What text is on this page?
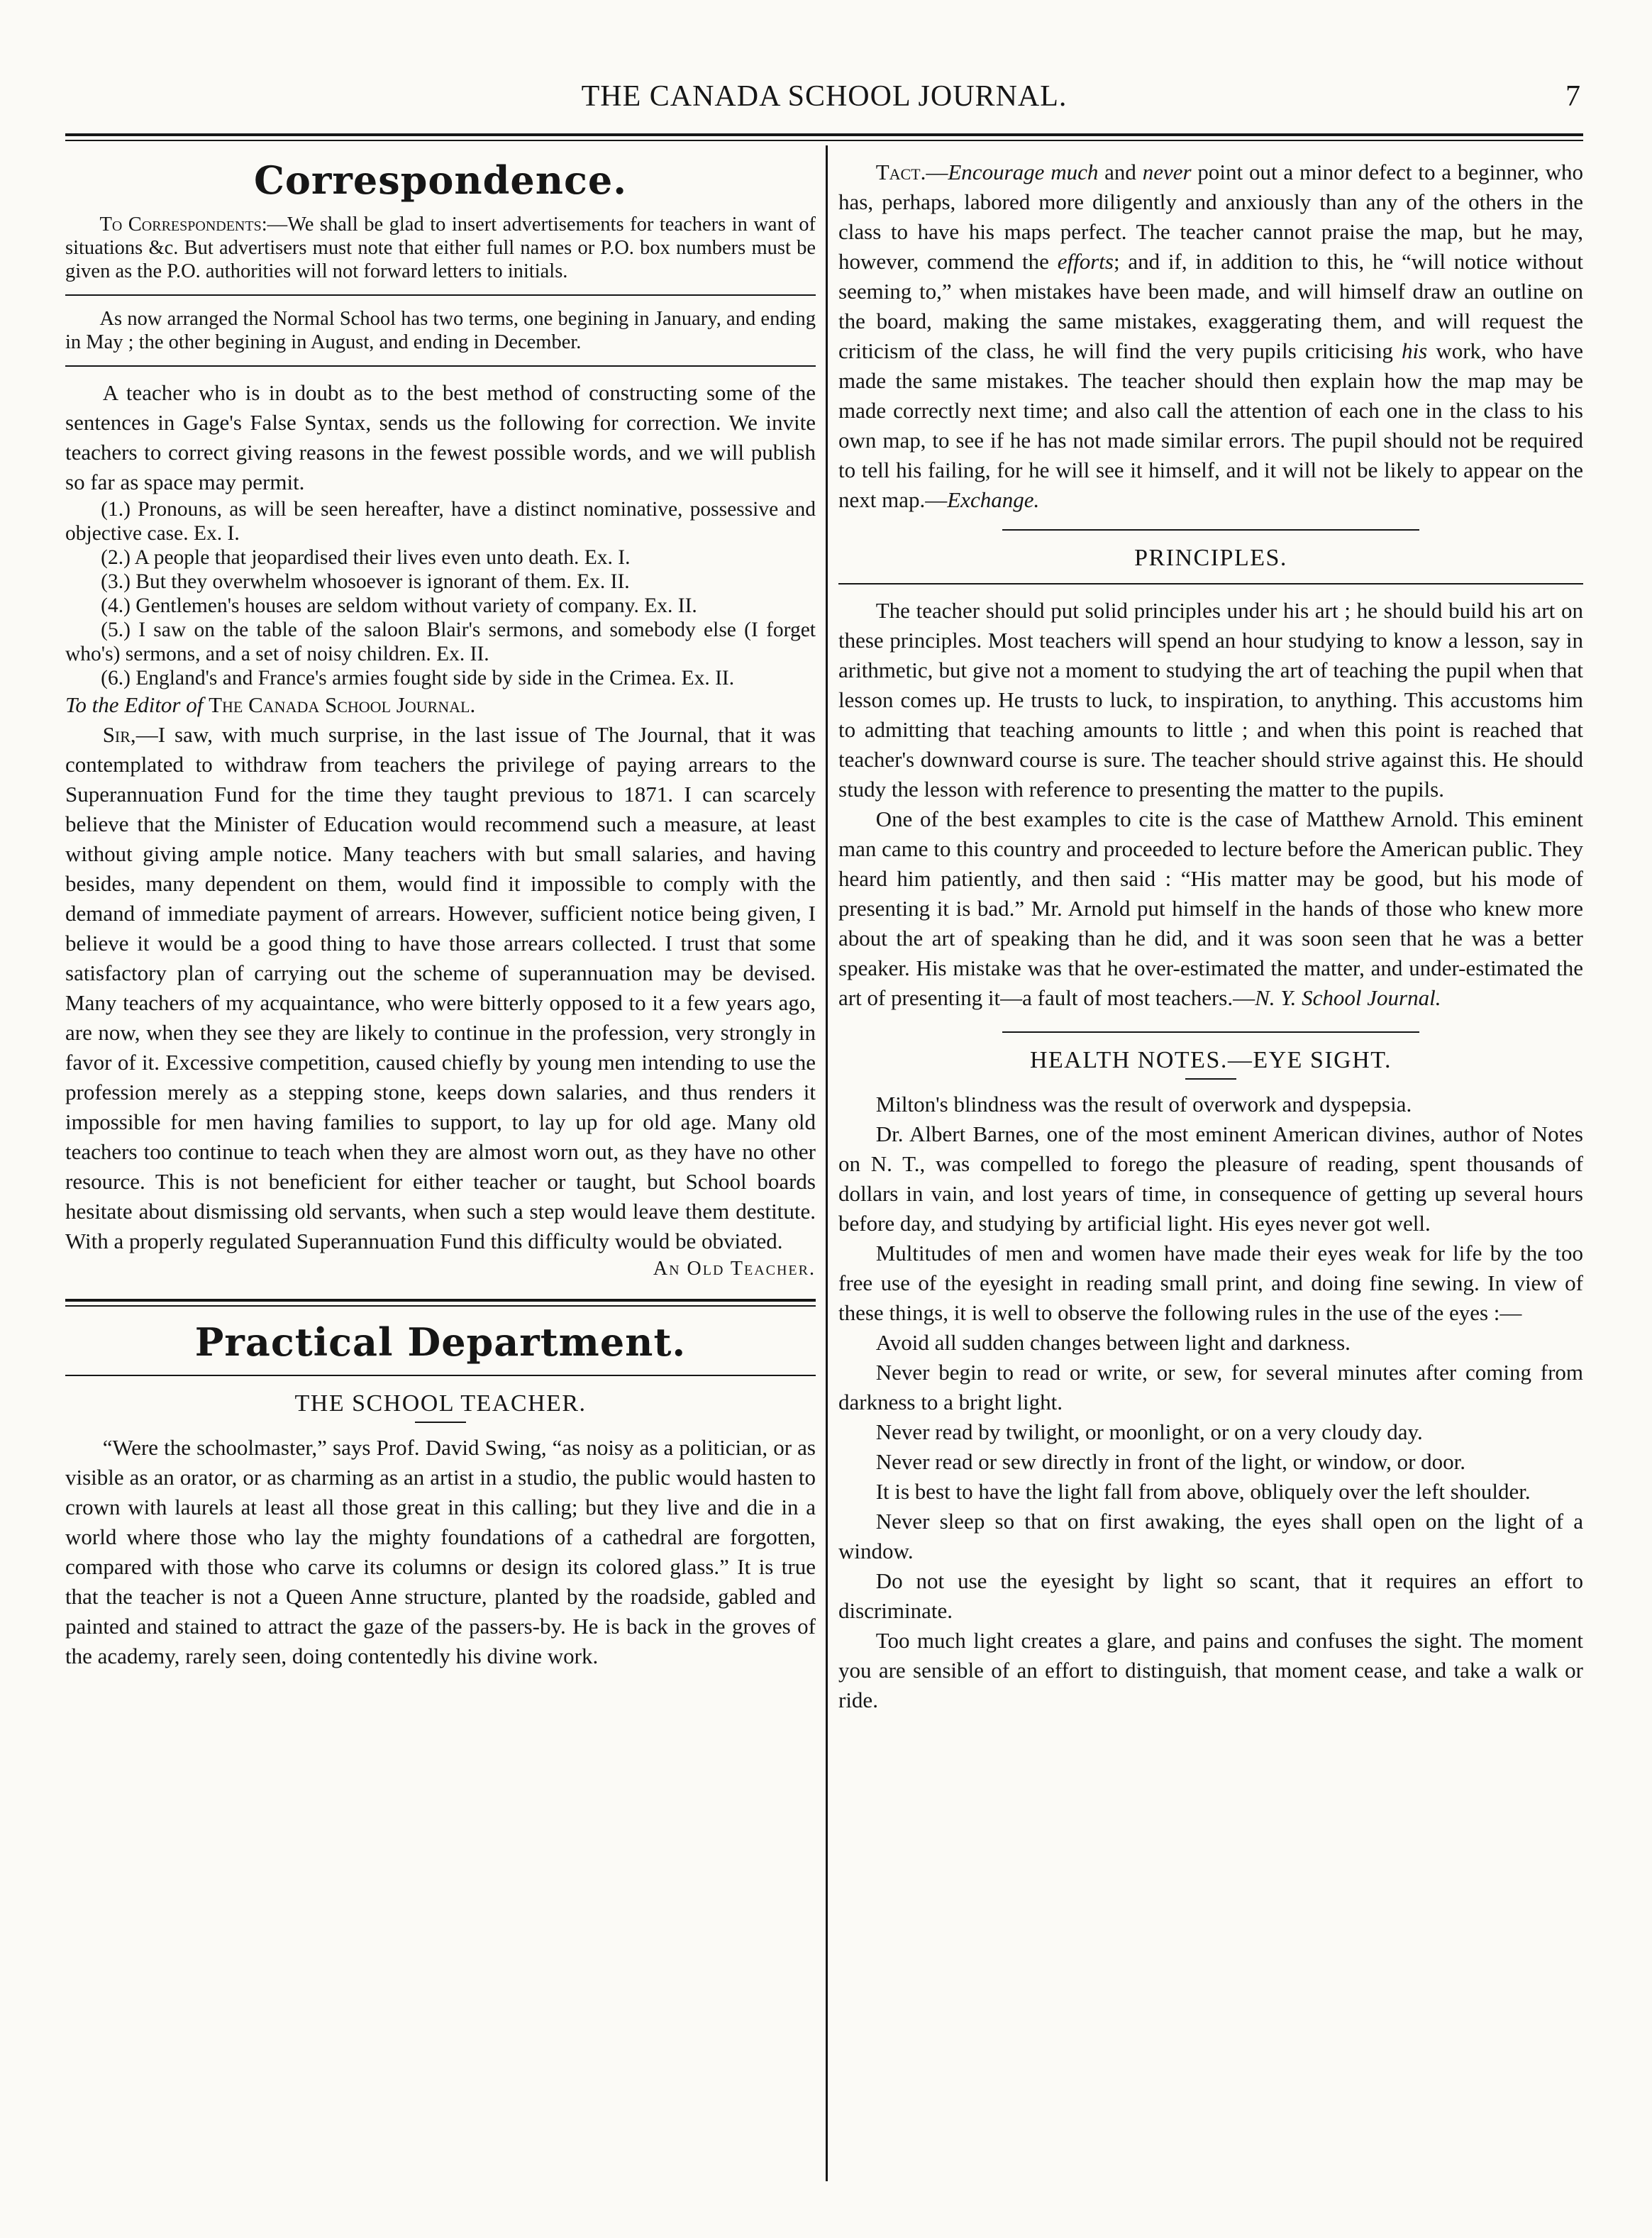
THE CANADA SCHOOL JOURNAL.	7
Correspondence.

To Correspondents:—We shall be glad to insert advertisements for teachers in want of situations &c. But advertisers must note that either full names or P.O. box numbers must be given as the P.O. authorities will not forward letters to initials.

As now arranged the Normal School has two terms, one begining in January, and ending in May ; the other begining in August, and ending in December.

A teacher who is in doubt as to the best method of constructing some of the sentences in Gage's False Syntax, sends us the following for correction. We invite teachers to correct giving reasons in the fewest possible words, and we will publish so far as space may permit.

(1.) Pronouns, as will be seen hereafter, have a distinct nominative, possessive and objective case. Ex. I.

(2.) A people that jeopardised their lives even unto death. Ex. I.

(3.) But they overwhelm whosoever is ignorant of them. Ex. II.

(4.) Gentlemen's houses are seldom without variety of company. Ex. II.

(5.) I saw on the table of the saloon Blair's sermons, and somebody else (I forget who's) sermons, and a set of noisy children. Ex. II.

(6.) England's and France's armies fought side by side in the Crimea. Ex. II.

To the Editor of The Canada School Journal.

Sir,—I saw, with much surprise, in the last issue of The Journal, that it was contemplated to withdraw from teachers the privilege of paying arrears to the Superannuation Fund for the time they taught previous to 1871. I can scarcely believe that the Minister of Education would recommend such a measure, at least without giving ample notice. Many teachers with but small salaries, and having besides, many dependent on them, would find it impossible to comply with the demand of immediate payment of arrears. However, sufficient notice being given, I believe it would be a good thing to have those arrears collected. I trust that some satisfactory plan of carrying out the scheme of superannuation may be devised. Many teachers of my acquaintance, who were bitterly opposed to it a few years ago, are now, when they see they are likely to continue in the profession, very strongly in favor of it. Excessive competition, caused chiefly by young men intending to use the profession merely as a stepping stone, keeps down salaries, and thus renders it impossible for men having families to support, to lay up for old age. Many old teachers too continue to teach when they are almost worn out, as they have no other resource. This is not beneficient for either teacher or taught, but School boards hesitate about dismissing old servants, when such a step would leave them destitute. With a properly regulated Superannuation Fund this difficulty would be obviated.

An Old Teacher.
Practical Department.
THE SCHOOL TEACHER.

“Were the schoolmaster,” says Prof. David Swing, “as noisy as a politician, or as visible as an orator, or as charming as an artist in a studio, the public would hasten to crown with laurels at least all those great in this calling; but they live and die in a world where those who lay the mighty foundations of a cathedral are forgotten, compared with those who carve its columns or design its colored glass.” It is true that the teacher is not a Queen Anne structure, planted by the roadside, gabled and painted and stained to attract the gaze of the passers-by. He is back in the groves of the academy, rarely seen, doing contentedly his divine work.

Tact.—Encourage much and never point out a minor defect to a beginner, who has, perhaps, labored more diligently and anxiously than any of the others in the class to have his maps perfect. The teacher cannot praise the map, but he may, however, commend the efforts; and if, in addition to this, he “will notice without seeming to,” when mistakes have been made, and will himself draw an outline on the board, making the same mistakes, exaggerating them, and will request the criticism of the class, he will find the very pupils criticising his work, who have made the same mistakes. The teacher should then explain how the map may be made correctly next time; and also call the attention of each one in the class to his own map, to see if he has not made similar errors. The pupil should not be required to tell his failing, for he will see it himself, and it will not be likely to appear on the next map.—Exchange.

PRINCIPLES.

The teacher should put solid principles under his art ; he should build his art on these principles. Most teachers will spend an hour studying to know a lesson, say in arithmetic, but give not a moment to studying the art of teaching the pupil when that lesson comes up. He trusts to luck, to inspiration, to anything. This accustoms him to admitting that teaching amounts to little ; and when this point is reached that teacher's downward course is sure. The teacher should strive against this. He should study the lesson with reference to presenting the matter to the pupils.

One of the best examples to cite is the case of Matthew Arnold. This eminent man came to this country and proceeded to lecture before the American public. They heard him patiently, and then said : “His matter may be good, but his mode of presenting it is bad.” Mr. Arnold put himself in the hands of those who knew more about the art of speaking than he did, and it was soon seen that he was a better speaker. His mistake was that he over-estimated the matter, and under-estimated the art of presenting it—a fault of most teachers.—N. Y. School Journal.

HEALTH NOTES.—EYE SIGHT.

Milton's blindness was the result of overwork and dyspepsia.

Dr. Albert Barnes, one of the most eminent American divines, author of Notes on N. T., was compelled to forego the pleasure of reading, spent thousands of dollars in vain, and lost years of time, in consequence of getting up several hours before day, and studying by artificial light. His eyes never got well.

Multitudes of men and women have made their eyes weak for life by the too free use of the eyesight in reading small print, and doing fine sewing. In view of these things, it is well to observe the following rules in the use of the eyes :—

Avoid all sudden changes between light and darkness.

Never begin to read or write, or sew, for several minutes after coming from darkness to a bright light.

Never read by twilight, or moonlight, or on a very cloudy day.

Never read or sew directly in front of the light, or window, or door.

It is best to have the light fall from above, obliquely over the left shoulder.

Never sleep so that on first awaking, the eyes shall open on the light of a window.

Do not use the eyesight by light so scant, that it requires an effort to discriminate.

Too much light creates a glare, and pains and confuses the sight. The moment you are sensible of an effort to distinguish, that moment cease, and take a walk or ride.
